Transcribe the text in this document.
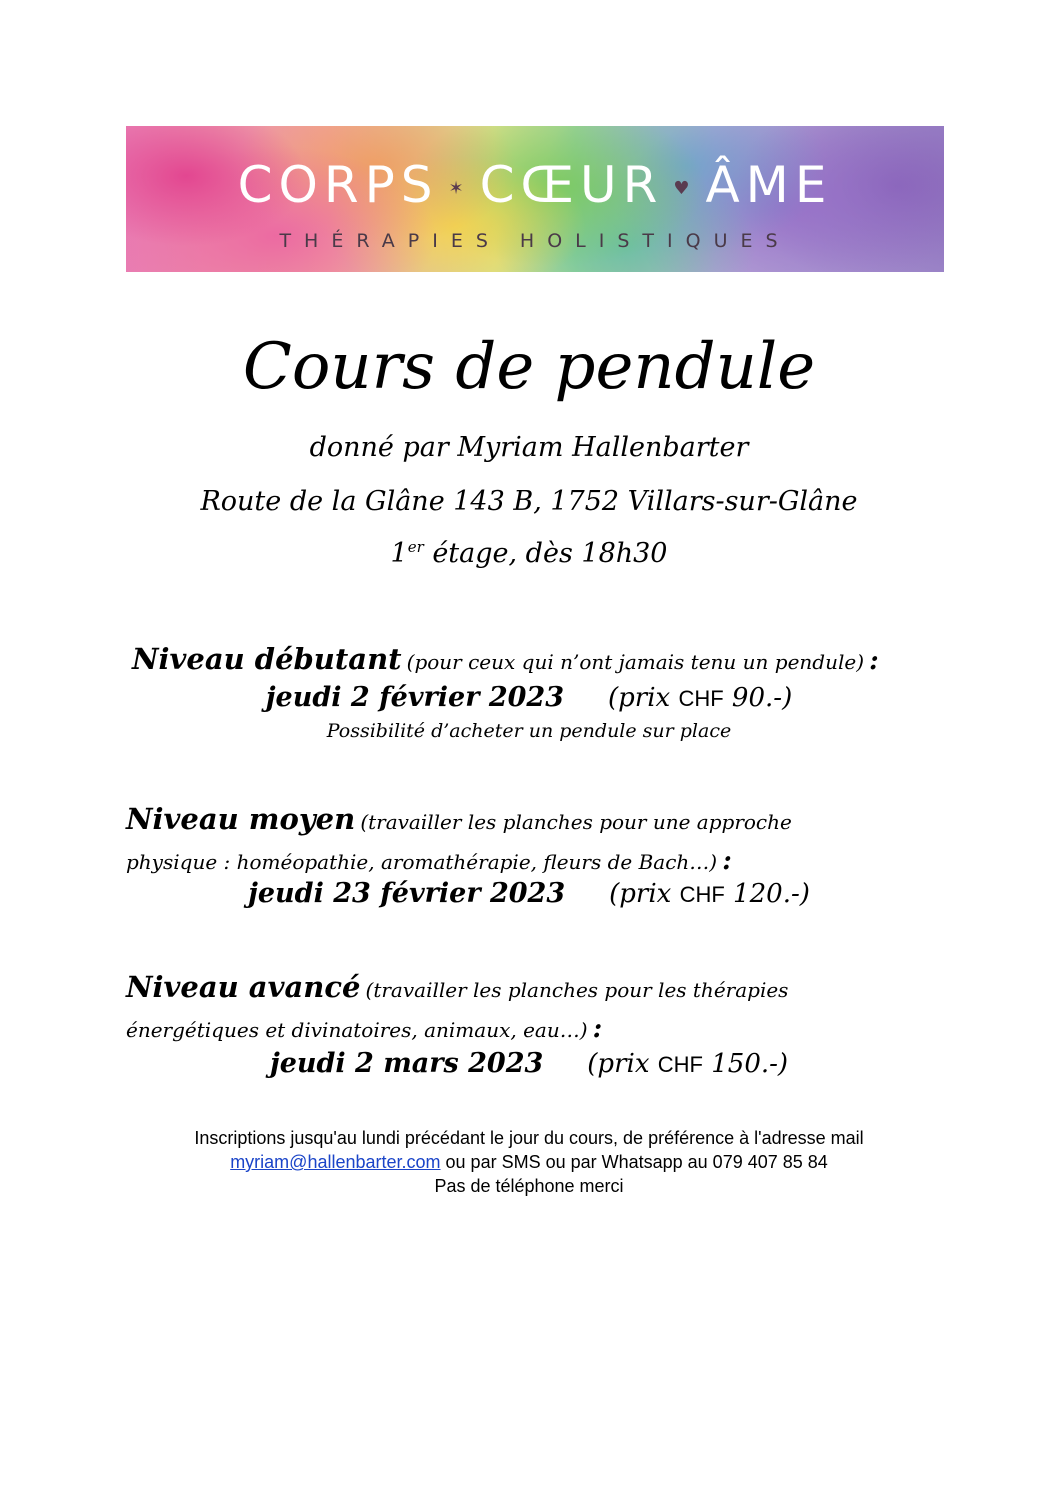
CORPS ✶ CŒUR ♥ ÂME
THÉRAPIES HOLISTIQUES
Cours de pendule
donné par Myriam Hallenbarter
Route de la Glâne 143 B, 1752 Villars-sur-Glâne
1er étage, dès 18h30
Niveau débutant (pour ceux qui n’ont jamais tenu un pendule) :
jeudi 2 février 2023 (prix CHF 90.-)
Possibilité d’acheter un pendule sur place
Niveau moyen (travailler les planches pour une approche
physique : homéopathie, aromathérapie, fleurs de Bach…) :
jeudi 23 février 2023 (prix CHF 120.-)
Niveau avancé (travailler les planches pour les thérapies
énergétiques et divinatoires, animaux, eau…) :
jeudi 2 mars 2023 (prix CHF 150.-)
Inscriptions jusqu'au lundi précédant le jour du cours, de préférence à l'adresse mail
myriam@hallenbarter.com ou par SMS ou par Whatsapp au 079 407 85 84
Pas de téléphone merci
